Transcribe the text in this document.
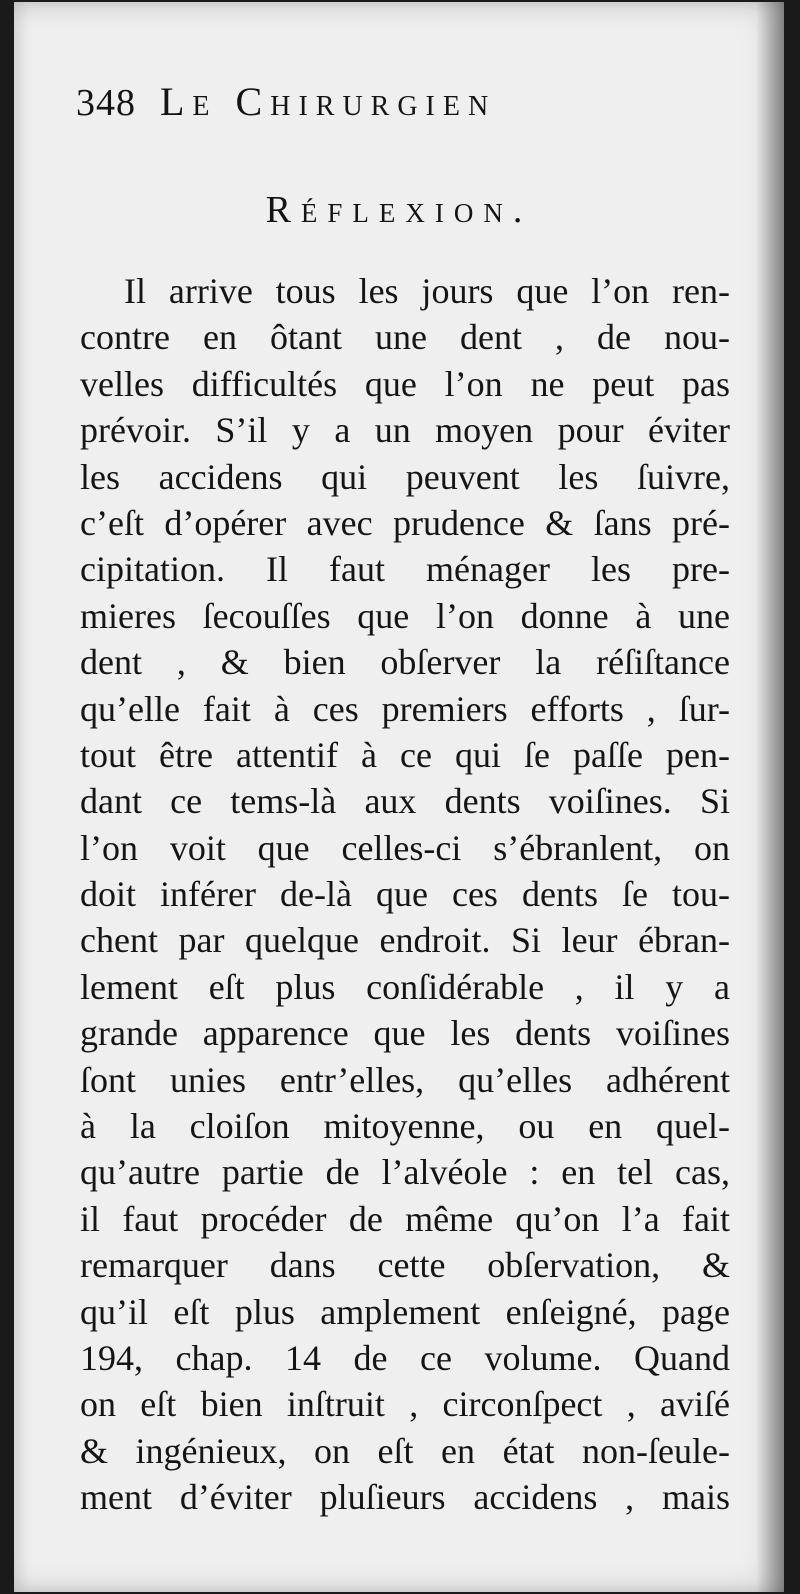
348 Le Chirurgien
Réflexion.
Il arrive tous les jours que l’on ren-
contre en ôtant une dent , de nou-
velles difficultés que l’on ne peut pas
prévoir. S’il y a un moyen pour éviter
les accidens qui peuvent les ſuivre,
c’eſt d’opérer avec prudence & ſans pré-
cipitation. Il faut ménager les pre-
mieres ſecouſſes que l’on donne à une
dent , & bien obſerver la réſiſtance
qu’elle fait à ces premiers efforts , ſur-
tout être attentif à ce qui ſe paſſe pen-
dant ce tems-là aux dents voiſines. Si
l’on voit que celles-ci s’ébranlent, on
doit inférer de-là que ces dents ſe tou-
chent par quelque endroit. Si leur ébran-
lement eſt plus conſidérable , il y a
grande apparence que les dents voiſines
ſont unies entr’elles, qu’elles adhérent
à la cloiſon mitoyenne, ou en quel-
qu’autre partie de l’alvéole : en tel cas,
il faut procéder de même qu’on l’a fait
remarquer dans cette obſervation, &
qu’il eſt plus amplement enſeigné, page
194, chap. 14 de ce volume. Quand
on eſt bien inſtruit , circonſpect , aviſé
& ingénieux, on eſt en état non-ſeule-
ment d’éviter pluſieurs accidens , mais
